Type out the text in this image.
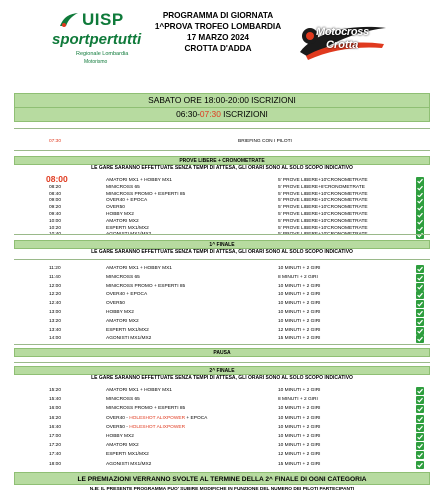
UISP
sportpertutti
Regionale Lombardia
Motorismo
PROGRAMMA DI GIORNATA
1^PROVA TROFEO LOMBARDIA
17 MARZO 2024
CROTTA D'ADDA
Motocross
Crotta
SABATO ORE 18:00-20:00 ISCRIZIONI
06:30-07:30 ISCRIZIONI
07:30	BRIEFING CON I PILOTI
PROVE LIBERE + CRONOMETRATE
LE GARE SARANNO EFFETTUATE SENZA TEMPI DI ATTESA, GLI ORARI SONO AL SOLO SCOPO INDICATIVO
08:00	AMATORI MX1 + HOBBY MX1	5' PROVE LIBERE+10'CRONOMETRATE
08:20	MINICROSS 65	5' PROVE LIBERE+8'CRONOMETRATE
08:40	MINICROSS PROMO + ESPERTI 85	5' PROVE LIBERE+10'CRONOMETRATE
09:00	OVER40 + EPOCA	5' PROVE LIBERE+10'CRONOMETRATE
09:20	OVER50	5' PROVE LIBERE+10'CRONOMETRATE
09:40	HOBBY MX2	5' PROVE LIBERE+10'CRONOMETRATE
10:00	AMATORI MX2	5' PROVE LIBERE+10'CRONOMETRATE
10:20	ESPERTI MX1/MX2	5' PROVE LIBERE+10'CRONOMETRATE
10:40	AGONISTI MX1/MX2	5' PROVE LIBERE+10'CRONOMETRATE
1^ FINALE
LE GARE SARANNO EFFETTUATE SENZA TEMPI DI ATTESA, GLI ORARI SONO AL SOLO SCOPO INDICATIVO
11:20	AMATORI MX1 + HOBBY MX1	10 MINUTI + 2 GIRI
11:40	MINICROSS 65	8 MINUTI + 2 GIRI
12:00	MINICROSS PROMO + ESPERTI 85	10 MINUTI + 2 GIRI
12:20	OVER40 + EPOCA	10 MINUTI + 2 GIRI
12:40	OVER50	10 MINUTI + 2 GIRI
13:00	HOBBY MX2	10 MINUTI + 2 GIRI
13:20	AMATORI MX2	10 MINUTI + 2 GIRI
13:40	ESPERTI MX1/MX2	12 MINUTI + 2 GIRI
14:00	AGONISTI MX1/MX2	15 MINUTI + 2 GIRI
PAUSA
2^ FINALE
LE GARE SARANNO EFFETTUATE SENZA TEMPI DI ATTESA, GLI ORARI SONO AL SOLO SCOPO INDICATIVO
15:20	AMATORI MX1 + HOBBY MX1	10 MINUTI + 2 GIRI
15:40	MINICROSS 65	8 MINUTI + 2 GIRI
16:00	MINICROSS PROMO + ESPERTI 85	10 MINUTI + 2 GIRI
16:20	OVER40 - HOLESHOT ALIXPOWER + EPOCA	10 MINUTI + 2 GIRI
16:40	OVER50 - HOLESHOT ALIXPOWER	10 MINUTI + 2 GIRI
17:00	HOBBY MX2	10 MINUTI + 2 GIRI
17:20	AMATORI MX2	10 MINUTI + 2 GIRI
17:40	ESPERTI MX1/MX2	12 MINUTI + 2 GIRI
18:00	AGONISTI MX1/MX2	15 MINUTI + 2 GIRI
LE PREMIAZIONI VERRANNO SVOLTE AL TERMINE DELLA 2^ FINALE DI OGNI CATEGORIA
N.B: IL PRESENTE PROGRAMMA PUO' SUBIRE MODIFICHE IN FUNZIONE DEL NUMERO DEI PILOTI PARTECIPANTI
